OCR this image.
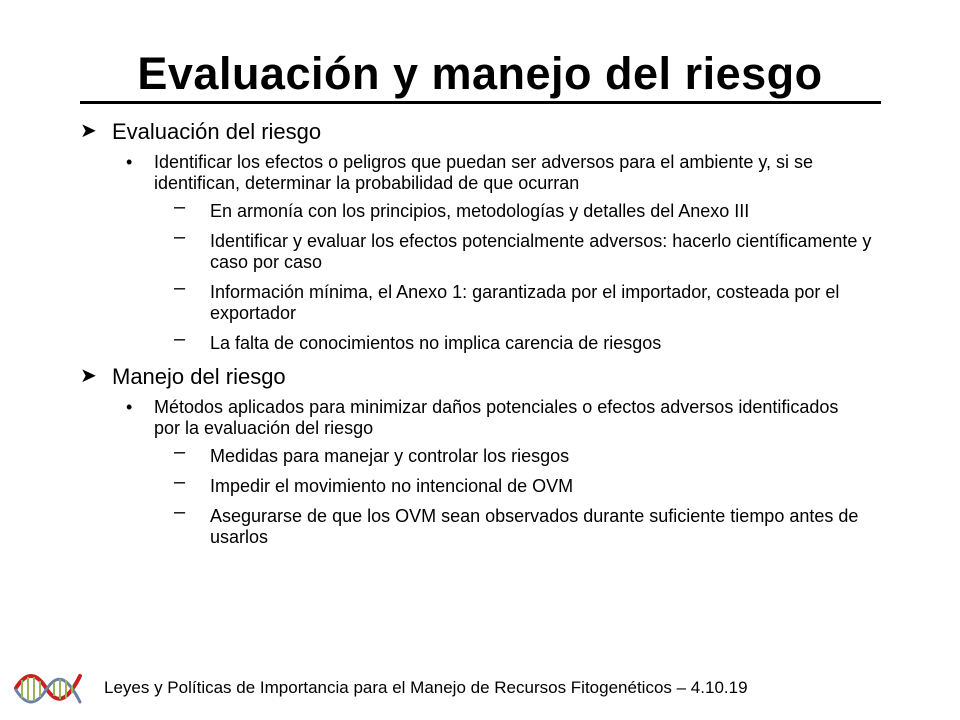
Evaluación y manejo del riesgo
➤ Evaluación del riesgo
• Identificar los efectos o peligros que puedan ser adversos para el ambiente y, si se identifican, determinar la probabilidad de que ocurran
– En armonía con los principios, metodologías y detalles del Anexo III
– Identificar y evaluar los efectos potencialmente adversos: hacerlo científicamente y caso por caso
– Información mínima, el Anexo 1: garantizada por el importador, costeada por el exportador
– La falta de conocimientos no implica carencia de riesgos
➤ Manejo del riesgo
• Métodos aplicados para minimizar daños potenciales o efectos adversos identificados por la evaluación del riesgo
– Medidas para manejar y controlar los riesgos
– Impedir el movimiento no intencional de OVM
– Asegurarse de que los OVM sean observados durante suficiente tiempo antes de usarlos
Leyes y Políticas de Importancia para el Manejo de Recursos Fitogenéticos – 4.10.19
